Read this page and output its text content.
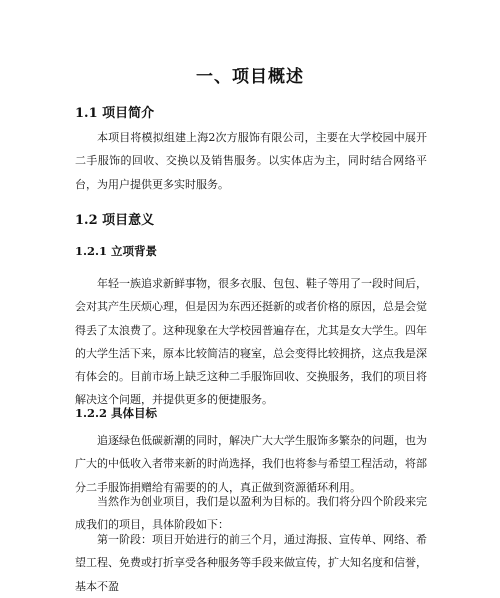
一、项目概述
1.1 项目简介

本项目将模拟组建上海2次方服饰有限公司，主要在大学校园中展开二手服饰的回收、交换以及销售服务。以实体店为主，同时结合网络平台，为用户提供更多实时服务。

1.2 项目意义
1.2.1 立项背景

年轻一族追求新鲜事物，很多衣服、包包、鞋子等用了一段时间后，会对其产生厌烦心理，但是因为东西还挺新的或者价格的原因，总是会觉得丢了太浪费了。这种现象在大学校园普遍存在，尤其是女大学生。四年的大学生活下来，原本比较简洁的寝室，总会变得比较拥挤，这点我是深有体会的。目前市场上缺乏这种二手服饰回收、交换服务，我们的项目将解决这个问题，并提供更多的便捷服务。

1.2.2 具体目标

追逐绿色低碳新潮的同时，解决广大大学生服饰多繁杂的问题，也为广大的中低收入者带来新的时尚选择，我们也将参与希望工程活动，将部分二手服饰捐赠给有需要的的人，真正做到资源循环利用。

当然作为创业项目，我们是以盈利为目标的。我们将分四个阶段来完成我们的项目，具体阶段如下：

第一阶段：项目开始进行的前三个月，通过海报、宣传单、网络、希望工程、免费或打折享受各种服务等手段来做宣传，扩大知名度和信誉，基本不盈
